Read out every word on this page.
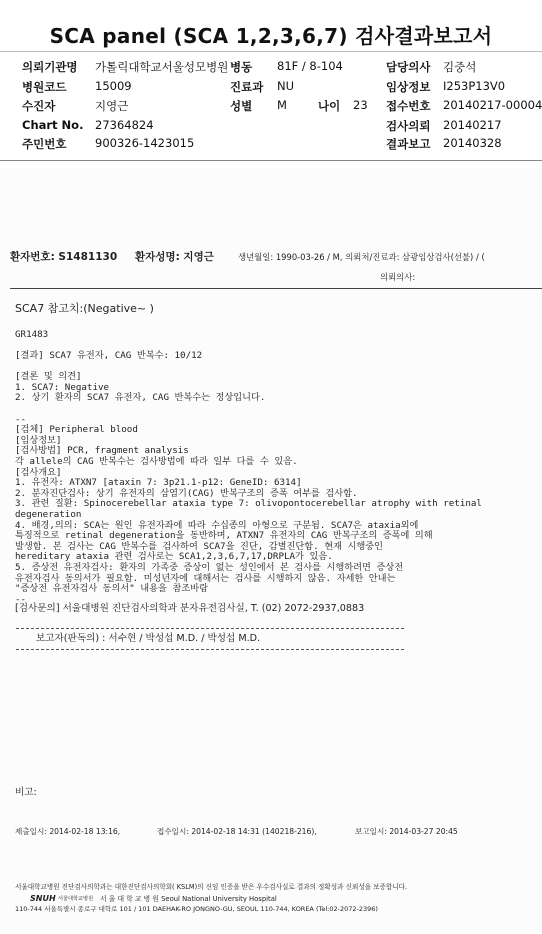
SCA panel (SCA 1,2,3,6,7) 검사결과보고서
의뢰기관명 가톨릭대학교서울성모병원 병동 81F / 8-104	담당의사 김중석
병원코드 15009	진료과 NU	임상정보 I253P13V0
수진자	지영근	성별 M	나이 23 접수번호 20140217-00004
Chart No. 27364824	검사의뢰 20140217
주민번호 900326-1423015	결과보고 20140328
환자번호: S1481130 환자성명: 지영근	생년월일: 1990-03-26 / M, 의뢰처/진료과: 삼광임상검사(선불) / (
의뢰의사:
SCA7 참고치:(Negative~ )
GR1483
[결과] SCA7 유전자, CAG 반복수: 10/12
[결론 및 의견]
1. SCA7: Negative
2. 상기 환자의 SCA7 유전자, CAG 반복수는 정상입니다.
--
[검체] Peripheral blood
[임상정보]
[검사방법] PCR, fragment analysis
각 allele의 CAG 반복수는 검사방법에 따라 일부 다를 수 있음.
[검사개요]
1. 유전자: ATXN7 [ataxin 7: 3p21.1-p12: GeneID: 6314]
2. 분자진단검사: 상기 유전자의 삼염기(CAG) 반복구조의 증폭 여부를 검사함.
3. 관련 질환: Spinocerebellar ataxia type 7: olivopontocerebellar atrophy with retinal
degeneration
4. 배경,의의: SCA는 원인 유전자좌에 따라 수십종의 아형으로 구분됨. SCA7은 ataxia외에
특징적으로 retinal degeneration을 동반하며, ATXN7 유전자의 CAG 반복구조의 증폭에 의해
발생함. 본 검사는 CAG 반복수를 검사하여 SCA7을 진단, 감별진단함. 현재 시행중인
hereditary ataxia 관련 검사로는 SCA1,2,3,6,7,17,DRPLA가 있음.
5. 증상전 유전자검사: 환자의 가족중 증상이 없는 성인에서 본 검사를 시행하려면 증상전
유전자검사 동의서가 필요함. 미성년자에 대해서는 검사를 시행하지 않음. 자세한 안내는
"증상전 유전자검사 동의서" 내용을 참조바람
--
[검사문의] 서울대병원 진단검사의학과 분자유전검사실, T. (02) 2072-2937,0883
보고자(판독의) : 서수현 / 박성섭 M.D. / 박성섭 M.D.
비고:
제출일시: 2014-02-18 13:16,	접수일시: 2014-02-18 14:31 (140218-216),	보고일시: 2014-03-27 20:45
서울대학교병원 진단검사의학과는 대한진단검사의학회( KSLM)의 신임 인증을 받은 우수검사실로 결과의 정확성과 신뢰성을 보증합니다.
SNUH 서울대학교병원 서 울 대 학 교 병 원 Seoul National University Hospital
110-744 서울특별시 종로구 대학로 101 / 101 DAEHAK-RO JONGNO-GU, SEOUL 110-744, KOREA (Tel:02-2072-2396)
